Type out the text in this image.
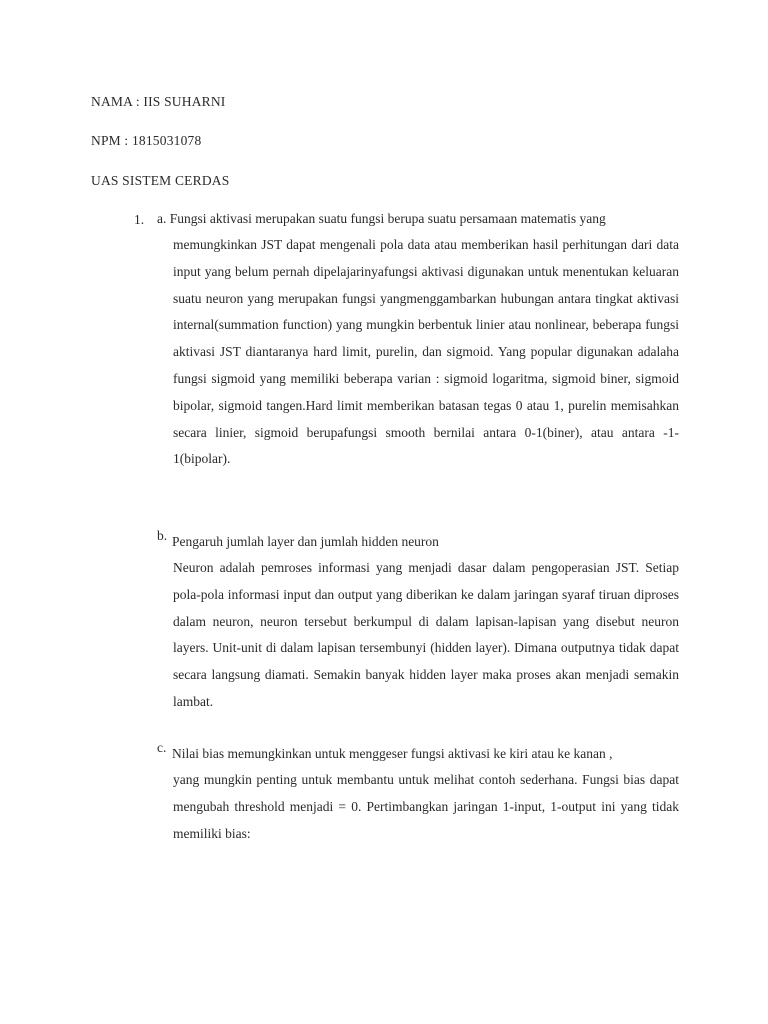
NAMA : IIS SUHARNI
NPM : 1815031078
UAS SISTEM CERDAS
1. a. Fungsi aktivasi merupakan suatu fungsi berupa suatu persamaan matematis yang
memungkinkan JST dapat mengenali pola data atau memberikan hasil perhitungan dari data input yang belum pernah dipelajarinyafungsi aktivasi digunakan untuk menentukan keluaran suatu neuron yang merupakan fungsi yangmenggambarkan hubungan antara tingkat aktivasi internal(summation function) yang mungkin berbentuk linier atau nonlinear, beberapa fungsi aktivasi JST diantaranya hard limit, purelin, dan sigmoid. Yang popular digunakan adalaha fungsi sigmoid yang memiliki beberapa varian : sigmoid logaritma, sigmoid biner, sigmoid bipolar, sigmoid tangen.Hard limit memberikan batasan tegas 0 atau 1, purelin memisahkan secara linier, sigmoid berupafungsi smooth bernilai antara 0-1(biner), atau antara -1-1(bipolar).
b. Pengaruh jumlah layer dan jumlah hidden neuron
Neuron adalah pemroses informasi yang menjadi dasar dalam pengoperasian JST. Setiap pola-pola informasi input dan output yang diberikan ke dalam jaringan syaraf tiruan diproses dalam neuron, neuron tersebut berkumpul di dalam lapisan-lapisan yang disebut neuron layers. Unit-unit di dalam lapisan tersembunyi (hidden layer). Dimana outputnya tidak dapat secara langsung diamati. Semakin banyak hidden layer maka proses akan menjadi semakin lambat.
c. Nilai bias memungkinkan untuk menggeser fungsi aktivasi ke kiri atau ke kanan ,
yang mungkin penting untuk membantu untuk melihat contoh sederhana. Fungsi bias dapat mengubah threshold menjadi = 0. Pertimbangkan jaringan 1-input, 1-output ini yang tidak memiliki bias:
